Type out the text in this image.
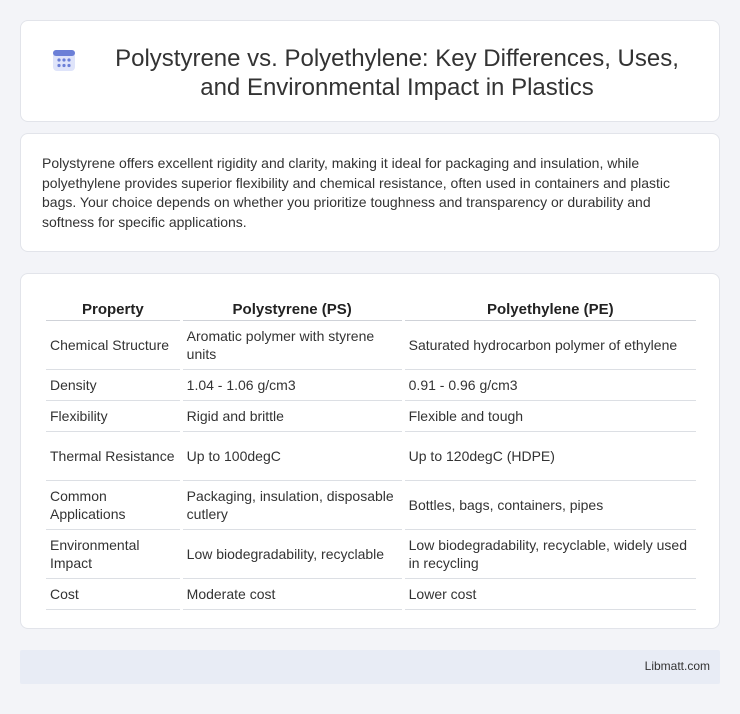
Polystyrene vs. Polyethylene: Key Differences, Uses, and Environmental Impact in Plastics

Polystyrene offers excellent rigidity and clarity, making it ideal for packaging and insulation, while polyethylene provides superior flexibility and chemical resistance, often used in containers and plastic bags. Your choice depends on whether you prioritize toughness and transparency or durability and softness for specific applications.

Property	Polystyrene (PS)	Polyethylene (PE)
Chemical Structure	Aromatic polymer with styrene units	Saturated hydrocarbon polymer of ethylene
Density	1.04 - 1.06 g/cm3	0.91 - 0.96 g/cm3
Flexibility	Rigid and brittle	Flexible and tough
Thermal Resistance	Up to 100degC	Up to 120degC (HDPE)
Common Applications	Packaging, insulation, disposable cutlery	Bottles, bags, containers, pipes
Environmental Impact	Low biodegradability, recyclable	Low biodegradability, recyclable, widely used in recycling
Cost	Moderate cost	Lower cost
Libmatt.com
